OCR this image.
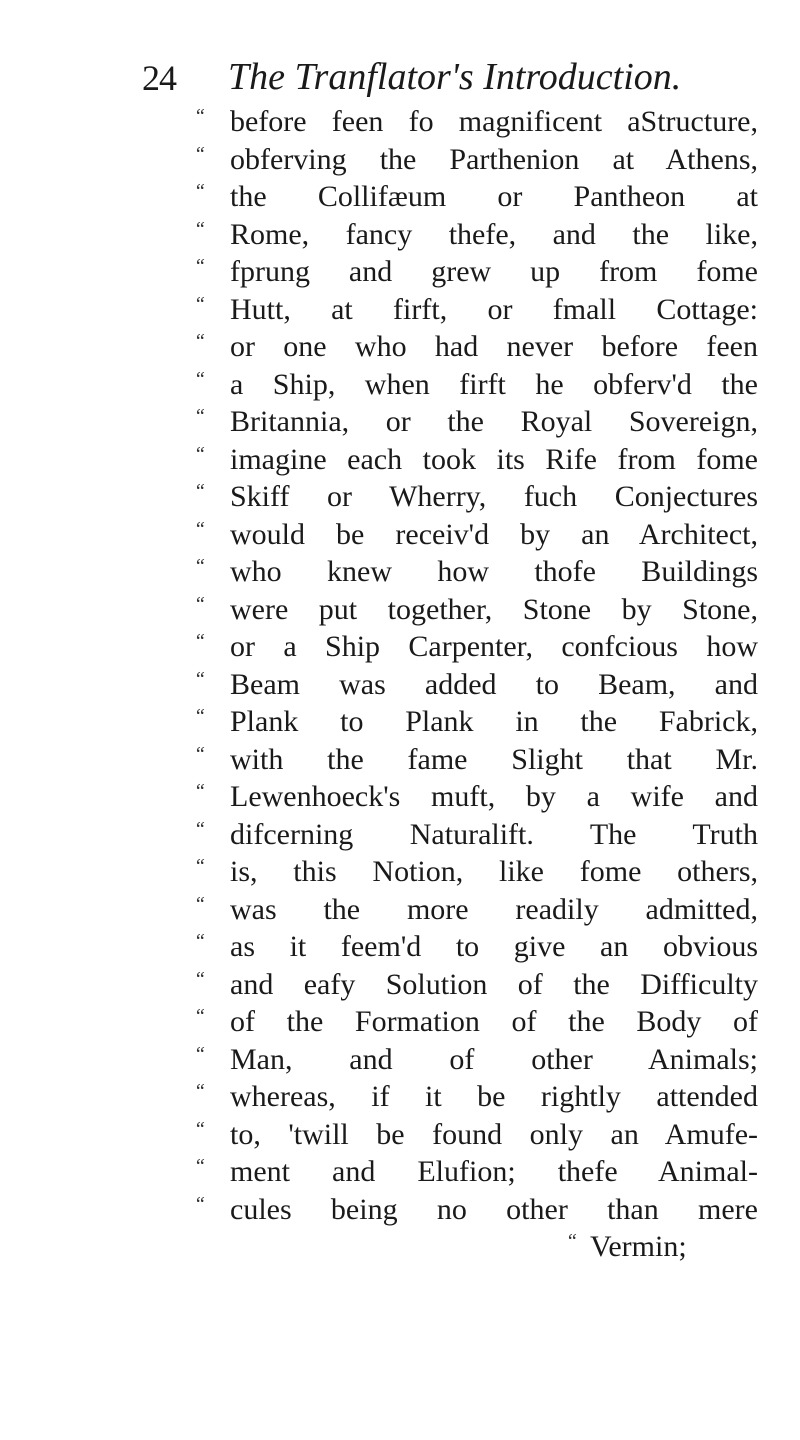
24 The Tranflator's Introduction.
“ before feen fo magnificent aStructure,
“ obferving the Parthenion at Athens,
“ the Collifæum or Pantheon at
“ Rome, fancy thefe, and the like,
“ fprung and grew up from fome
“ Hutt, at firft, or fmall Cottage:
“ or one who had never before feen
“ a Ship, when firft he obferv'd the
“ Britannia, or the Royal Sovereign,
“ imagine each took its Rife from fome
“ Skiff or Wherry, fuch Conjectures
“ would be receiv'd by an Architect,
“ who knew how thofe Buildings
“ were put together, Stone by Stone,
“ or a Ship Carpenter, confcious how
“ Beam was added to Beam, and
“ Plank to Plank in the Fabrick,
“ with the fame Slight that Mr.
“ Lewenhoeck's muft, by a wife and
“ difcerning Naturalift. The Truth
“ is, this Notion, like fome others,
“ was the more readily admitted,
“ as it feem'd to give an obvious
“ and eafy Solution of the Difficulty
“ of the Formation of the Body of
“ Man, and of other Animals;
“ whereas, if it be rightly attended
“ to, 'twill be found only an Amufe-
“ ment and Elufion; thefe Animal-
“ cules being no other than mere
“ Vermin;
